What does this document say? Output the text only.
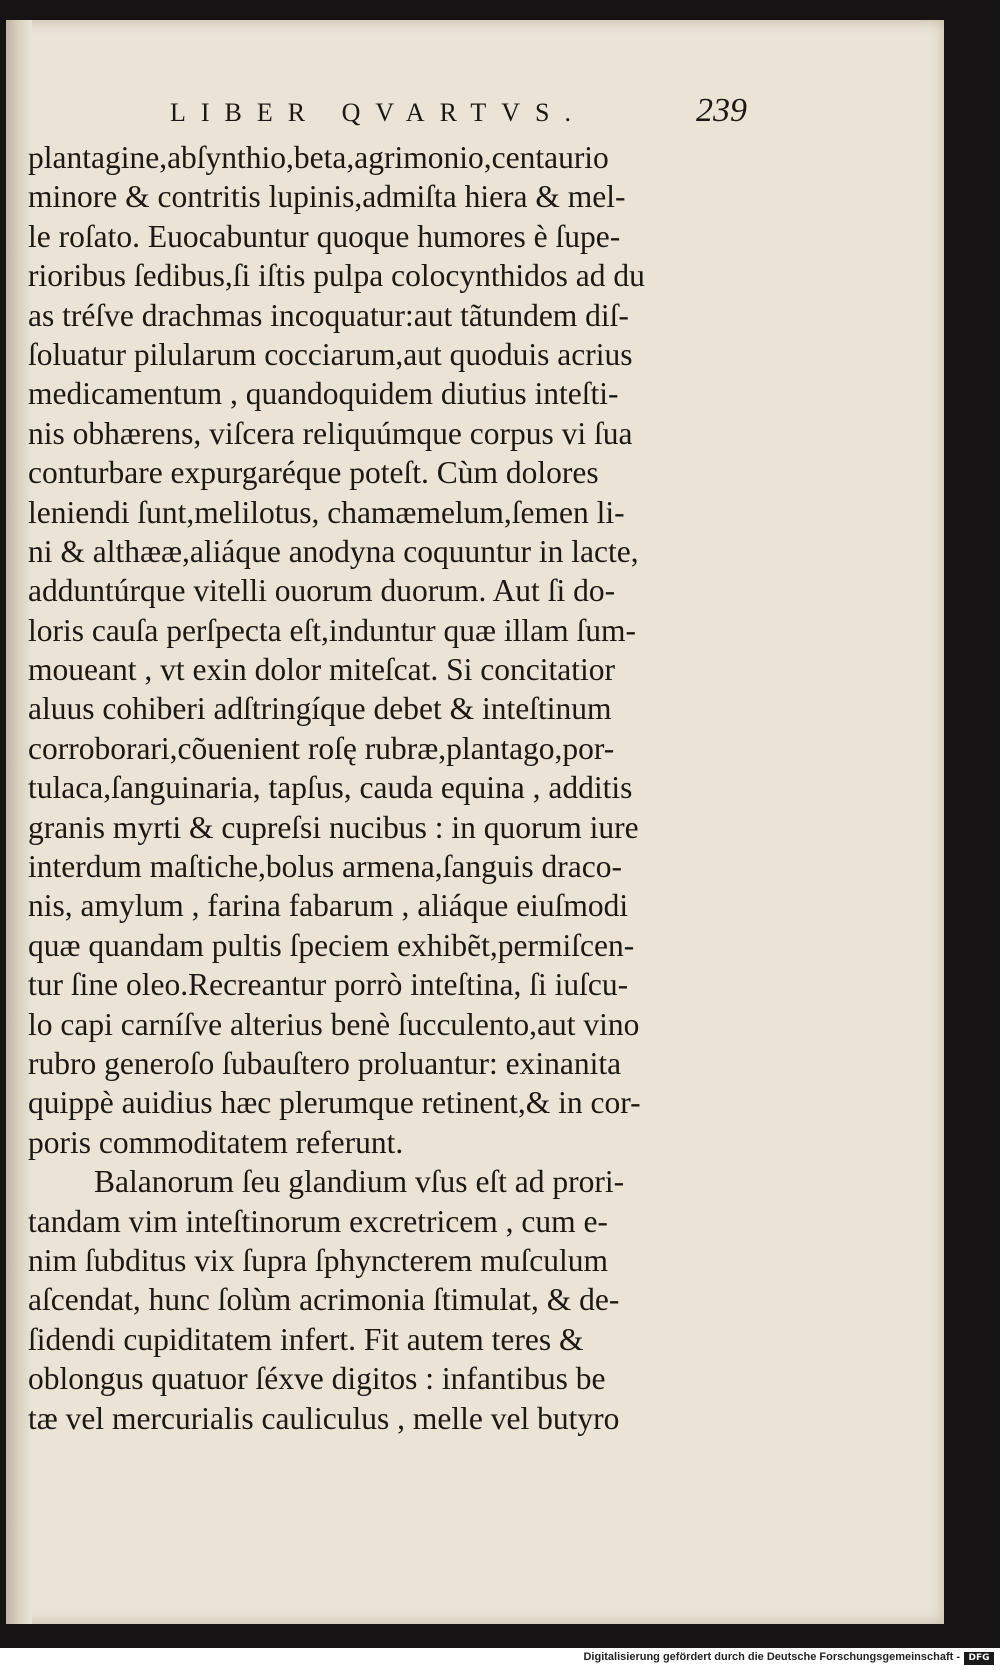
LIBER QVARTVS.	239
plantagine,abſynthio,beta,agrimonio,centaurio
minore & contritis lupinis,admiſta hiera & mel-
le roſato. Euocabuntur quoque humores è ſupe-
rioribus ſedibus,ſi iſtis pulpa colocynthidos ad du
as tréſve drachmas incoquatur:aut tãtundem diſ-
ſoluatur pilularum cocciarum,aut quoduis acrius
medicamentum , quandoquidem diutius inteſti-
nis obhærens, viſcera reliquúmque corpus vi ſua
conturbare expurgaréque poteſt. Cùm dolores
leniendi ſunt,melilotus, chamæmelum,ſemen li-
ni & althææ,aliáque anodyna coquuntur in lacte,
adduntúrque vitelli ouorum duorum. Aut ſi do-
loris cauſa perſpecta eſt,induntur quæ illam ſum-
moueant , vt exin dolor miteſcat. Si concitatior
aluus cohiberi adſtringíque debet & inteſtinum
corroborari,cõuenient roſę rubræ,plantago,por-
tulaca,ſanguinaria, tapſus, cauda equina , additis
granis myrti & cupreſsi nucibus : in quorum iure
interdum maſtiche,bolus armena,ſanguis draco-
nis, amylum , farina fabarum , aliáque eiuſmodi
quæ quandam pultis ſpeciem exhibẽt,permiſcen-
tur ſine oleo.Recreantur porrò inteſtina, ſi iuſcu-
lo capi carníſve alterius benè ſucculento,aut vino
rubro generoſo ſubauſtero proluantur: exinanita
quippè auidius hæc plerumque retinent,& in cor-
poris commoditatem referunt.
Balanorum ſeu glandium vſus eſt ad prori-
tandam vim inteſtinorum excretricem , cum e-
nim ſubditus vix ſupra ſphyncterem muſculum
aſcendat, hunc ſolùm acrimonia ſtimulat, & de-
ſidendi cupiditatem infert. Fit autem teres &
oblongus quatuor ſéxve digitos : infantibus be
tæ vel mercurialis cauliculus , melle vel butyro
Digitalisierung gefördert durch die Deutsche Forschungsgemeinschaft - DFG
